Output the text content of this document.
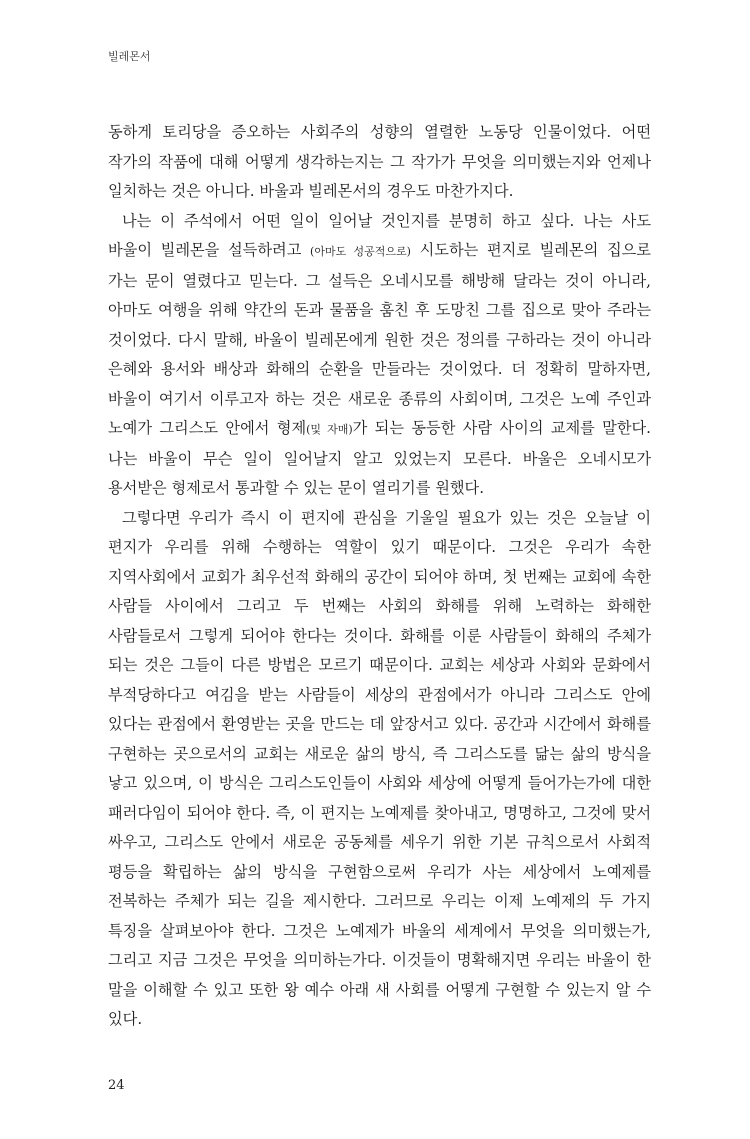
빌레몬서

동하게 토리당을 증오하는 사회주의 성향의 열렬한 노동당 인물이었다. 어떤 작가의 작품에 대해 어떻게 생각하는지는 그 작가가 무엇을 의미했는지와 언제나 일치하는 것은 아니다. 바울과 빌레몬서의 경우도 마찬가지다.

나는 이 주석에서 어떤 일이 일어날 것인지를 분명히 하고 싶다. 나는 사도 바울이 빌레몬을 설득하려고 (아마도 성공적으로) 시도하는 편지로 빌레몬의 집으로 가는 문이 열렸다고 믿는다. 그 설득은 오네시모를 해방해 달라는 것이 아니라, 아마도 여행을 위해 약간의 돈과 물품을 훔친 후 도망친 그를 집으로 맞아 주라는 것이었다. 다시 말해, 바울이 빌레몬에게 원한 것은 정의를 구하라는 것이 아니라 은혜와 용서와 배상과 화해의 순환을 만들라는 것이었다. 더 정확히 말하자면, 바울이 여기서 이루고자 하는 것은 새로운 종류의 사회이며, 그것은 노예 주인과 노예가 그리스도 안에서 형제(및 자매)가 되는 동등한 사람 사이의 교제를 말한다. 나는 바울이 무슨 일이 일어날지 알고 있었는지 모른다. 바울은 오네시모가 용서받은 형제로서 통과할 수 있는 문이 열리기를 원했다.

그렇다면 우리가 즉시 이 편지에 관심을 기울일 필요가 있는 것은 오늘날 이 편지가 우리를 위해 수행하는 역할이 있기 때문이다. 그것은 우리가 속한 지역사회에서 교회가 최우선적 화해의 공간이 되어야 하며, 첫 번째는 교회에 속한 사람들 사이에서 그리고 두 번째는 사회의 화해를 위해 노력하는 화해한 사람들로서 그렇게 되어야 한다는 것이다. 화해를 이룬 사람들이 화해의 주체가 되는 것은 그들이 다른 방법은 모르기 때문이다. 교회는 세상과 사회와 문화에서 부적당하다고 여김을 받는 사람들이 세상의 관점에서가 아니라 그리스도 안에 있다는 관점에서 환영받는 곳을 만드는 데 앞장서고 있다. 공간과 시간에서 화해를 구현하는 곳으로서의 교회는 새로운 삶의 방식, 즉 그리스도를 닮는 삶의 방식을 낳고 있으며, 이 방식은 그리스도인들이 사회와 세상에 어떻게 들어가는가에 대한 패러다임이 되어야 한다. 즉, 이 편지는 노예제를 찾아내고, 명명하고, 그것에 맞서 싸우고, 그리스도 안에서 새로운 공동체를 세우기 위한 기본 규칙으로서 사회적 평등을 확립하는 삶의 방식을 구현함으로써 우리가 사는 세상에서 노예제를 전복하는 주체가 되는 길을 제시한다. 그러므로 우리는 이제 노예제의 두 가지 특징을 살펴보아야 한다. 그것은 노예제가 바울의 세계에서 무엇을 의미했는가, 그리고 지금 그것은 무엇을 의미하는가다. 이것들이 명확해지면 우리는 바울이 한 말을 이해할 수 있고 또한 왕 예수 아래 새 사회를 어떻게 구현할 수 있는지 알 수 있다.

24
